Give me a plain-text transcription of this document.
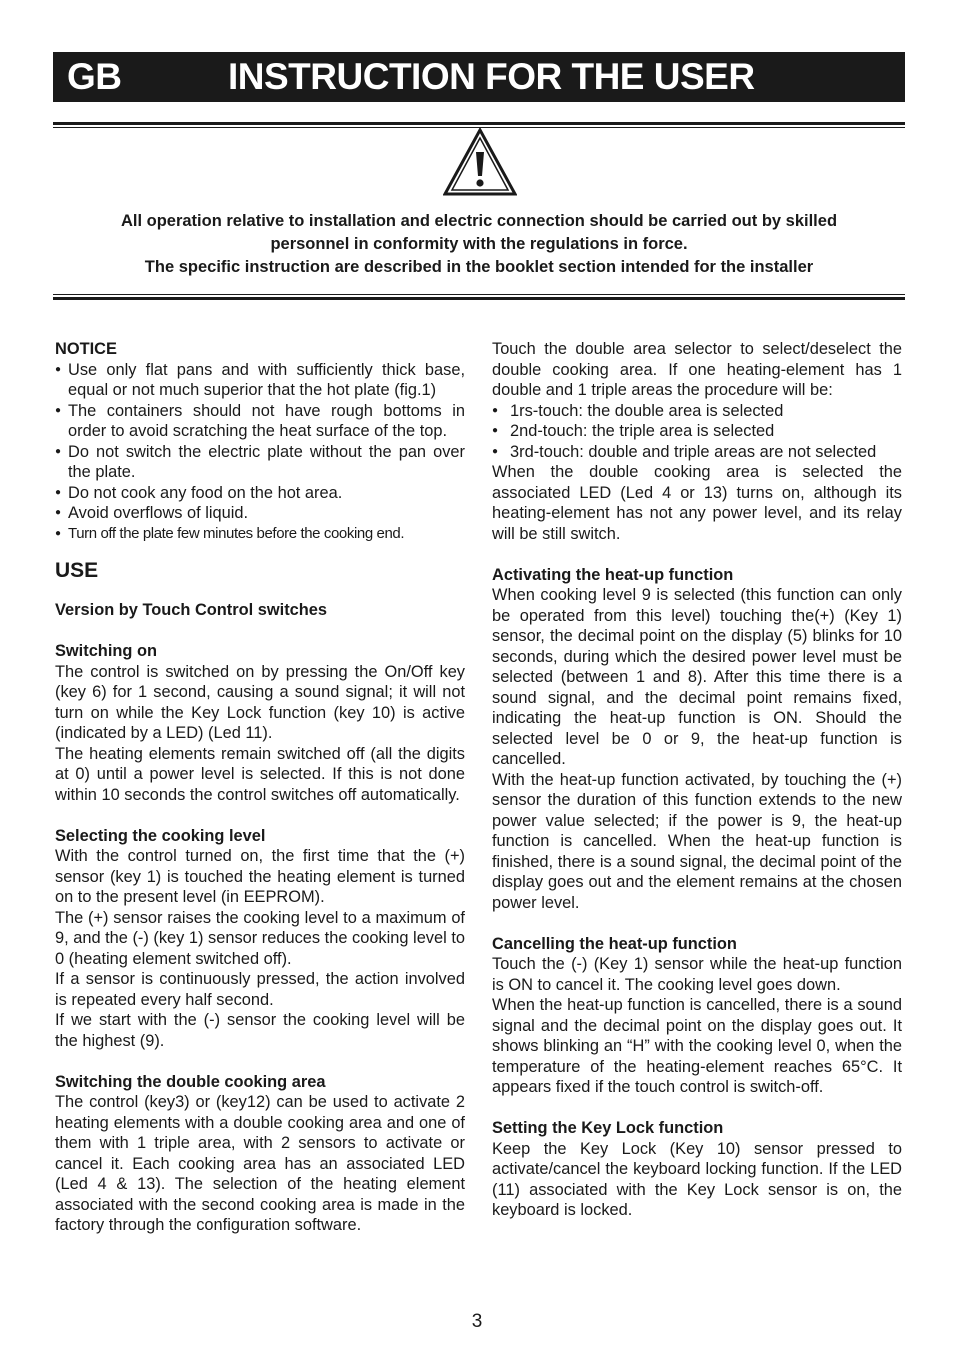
GB	INSTRUCTION FOR THE USER

All operation relative to installation and electric connection should be carried out by skilled

personnel in conformity with the regulations in force.

The specific instruction are described in the booklet section intended for the installer

NOTICE

● Use only flat pans and with sufficiently thick base, equal or not much superior that the hot plate (fig.1)
● The containers should not have rough bottoms in order to avoid scratching the heat surface of the top.
● Do not switch the electric plate without the pan over the plate.
● Do not cook any food on the hot area.
● Avoid overflows of liquid.
● Turn off the plate few minutes before the cooking end.

USE

Version by Touch Control switches

Switching on

The control is switched on by pressing the On/Off key (key 6) for 1 second, causing a sound signal; it will not turn on while the Key Lock function (key 10) is active (indicated by a LED) (Led 11).

The heating elements remain switched off (all the digits at 0) until a power level is selected. If this is not done within 10 seconds the control switches off automatically.

Selecting the cooking level

With the control turned on, the first time that the (+) sensor (key 1) is touched the heating element is turned on to the present level (in EEPROM).

The (+) sensor raises the cooking level to a maximum of 9, and the (-) (key 1) sensor reduces the cooking level to 0 (heating element switched off).

If a sensor is continuously pressed, the action involved is repeated every half second.

If we start with the (-) sensor the cooking level will be the highest (9).

Switching the double cooking area

The control (key3) or (key12) can be used to activate 2 heating elements with a double cooking area and one of them with 1 triple area, with 2 sensors to activate or cancel it. Each cooking area has an associated LED (Led 4 & 13). The selection of the heating element associated with the second cooking area is made in the factory through the configuration software.

Touch the double area selector to select/deselect the double cooking area. If one heating-element has 1 double and 1 triple areas the procedure will be:

● 1rs-touch: the double area is selected
● 2nd-touch: the triple area is selected
● 3rd-touch: double and triple areas are not selected

When the double cooking area is selected the associated LED (Led 4 or 13) turns on, although its heating-element has not any power level, and its relay will be still switch.

Activating the heat-up function

When cooking level 9 is selected (this function can only be operated from this level) touching the(+) (Key 1) sensor, the decimal point on the display (5) blinks for 10 seconds, during which the desired power level must be selected (between 1 and 8). After this time there is a sound signal, and the decimal point remains fixed, indicating the heat-up function is ON. Should the selected level be 0 or 9, the heat-up function is cancelled.

With the heat-up function activated, by touching the (+) sensor the duration of this function extends to the new power value selected; if the power is 9, the heat-up function is cancelled. When the heat-up function is finished, there is a sound signal, the decimal point of the display goes out and the element remains at the chosen power level.

Cancelling the heat-up function

Touch the (-) (Key 1) sensor while the heat-up function is ON to cancel it. The cooking level goes down.

When the heat-up function is cancelled, there is a sound signal and the decimal point on the display goes out. It shows blinking an “H” with the cooking level 0, when the temperature of the heating-element reaches 65°C. It appears fixed if the touch control is switch-off.

Setting the Key Lock function

Keep the Key Lock (Key 10) sensor pressed to activate/cancel the keyboard locking function. If the LED (11) associated with the Key Lock sensor is on, the keyboard is locked.

3
